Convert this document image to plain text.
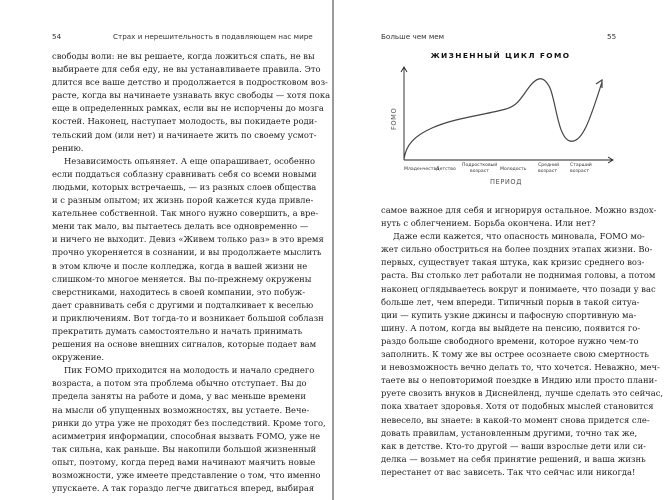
54	Страх и нерешительность в подавляющем нас мире
свободы воли: не вы решаете, когда ложиться спать, не вы
выбираете для себя еду, не вы устанавливаете правила. Это
длится все ваше детство и продолжается в подростковом воз-
расте, когда вы начинаете узнавать вкус свободы — хотя пока
еще в определенных рамках, если вы не испорчены до мозга
костей. Наконец, наступает молодость, вы покидаете роди-
тельский дом (или нет) и начинаете жить по своему усмот-
рению.
Независимость опьяняет. А еще опарашивает, особенно
если поддаться соблазну сравнивать себя со всеми новыми
людьми, которых встречаешь, — из разных слоев общества
и с разным опытом; их жизнь порой кажется куда привле-
кательнее собственной. Так много нужно совершить, а вре-
мени так мало, вы пытаетесь делать все одновременно —
и ничего не выходит. Девиз «Живем только раз» в это время
прочно укореняется в сознании, и вы продолжаете мыслить
в этом ключе и после колледжа, когда в вашей жизни не
слишком-то многое меняется. Вы по-прежнему окружены
сверстниками, находитесь в своей компании, это побуж-
дает сравнивать себя с другими и подталкивает к веселью
и приключениям. Вот тогда-то и возникает большой соблазн
прекратить думать самостоятельно и начать принимать
решения на основе внешних сигналов, которые подает вам
окружение.
Пик FOMO приходится на молодость и начало среднего
возраста, а потом эта проблема обычно отступает. Вы до
предела заняты на работе и дома, у вас меньше времени
на мысли об упущенных возможностях, вы устаете. Вече-
ринки до утра уже не проходят без последствий. Кроме того,
асимметрия информации, способная вызвать FOMO, уже не
так сильна, как раньше. Вы накопили большой жизненный
опыт, поэтому, когда перед вами начинают маячить новые
возможности, уже имеете представление о том, что именно
упускаете. А так гораздо легче двигаться вперед, выбирая
Больше чем мем	55
самое важное для себя и игнорируя остальное. Можно вздох-
нуть с облегчением. Борьба окончена. Или нет?
Даже если кажется, что опасность миновала, FOMO мо-
жет сильно обостриться на более поздних этапах жизни. Во-
первых, существует такая штука, как кризис среднего воз-
раста. Вы столько лет работали не поднимая головы, а потом
наконец оглядываетесь вокруг и понимаете, что позади у вас
больше лет, чем впереди. Типичный порыв в такой ситуа-
ции — купить узкие джинсы и пафосную спортивную ма-
шину. А потом, когда вы выйдете на пенсию, появится го-
раздо больше свободного времени, которое нужно чем-то
заполнить. К тому же вы острее осознаете свою смертность
и невозможность вечно делать то, что хочется. Неважно, меч-
таете вы о неповторимой поездке в Индию или просто плани-
руете свозить внуков в Диснейленд, лучше сделать это сейчас,
пока хватает здоровья. Хотя от подобных мыслей становится
невесело, вы знаете: в какой-то момент снова придется сле-
довать правилам, установленным другими, точно так же,
как в детстве. Кто-то другой — ваши взрослые дети или си-
делка — возьмет на себя принятие решений, и ваша жизнь
перестанет от вас зависеть. Так что сейчас или никогда!
ЖИЗНЕННЫЙ ЦИКЛ FOMO
FOMO
Младенчество
Детство
Подростковый
возраст Молодость
Средний
возраст
Старший
возраст
ПЕРИОД
